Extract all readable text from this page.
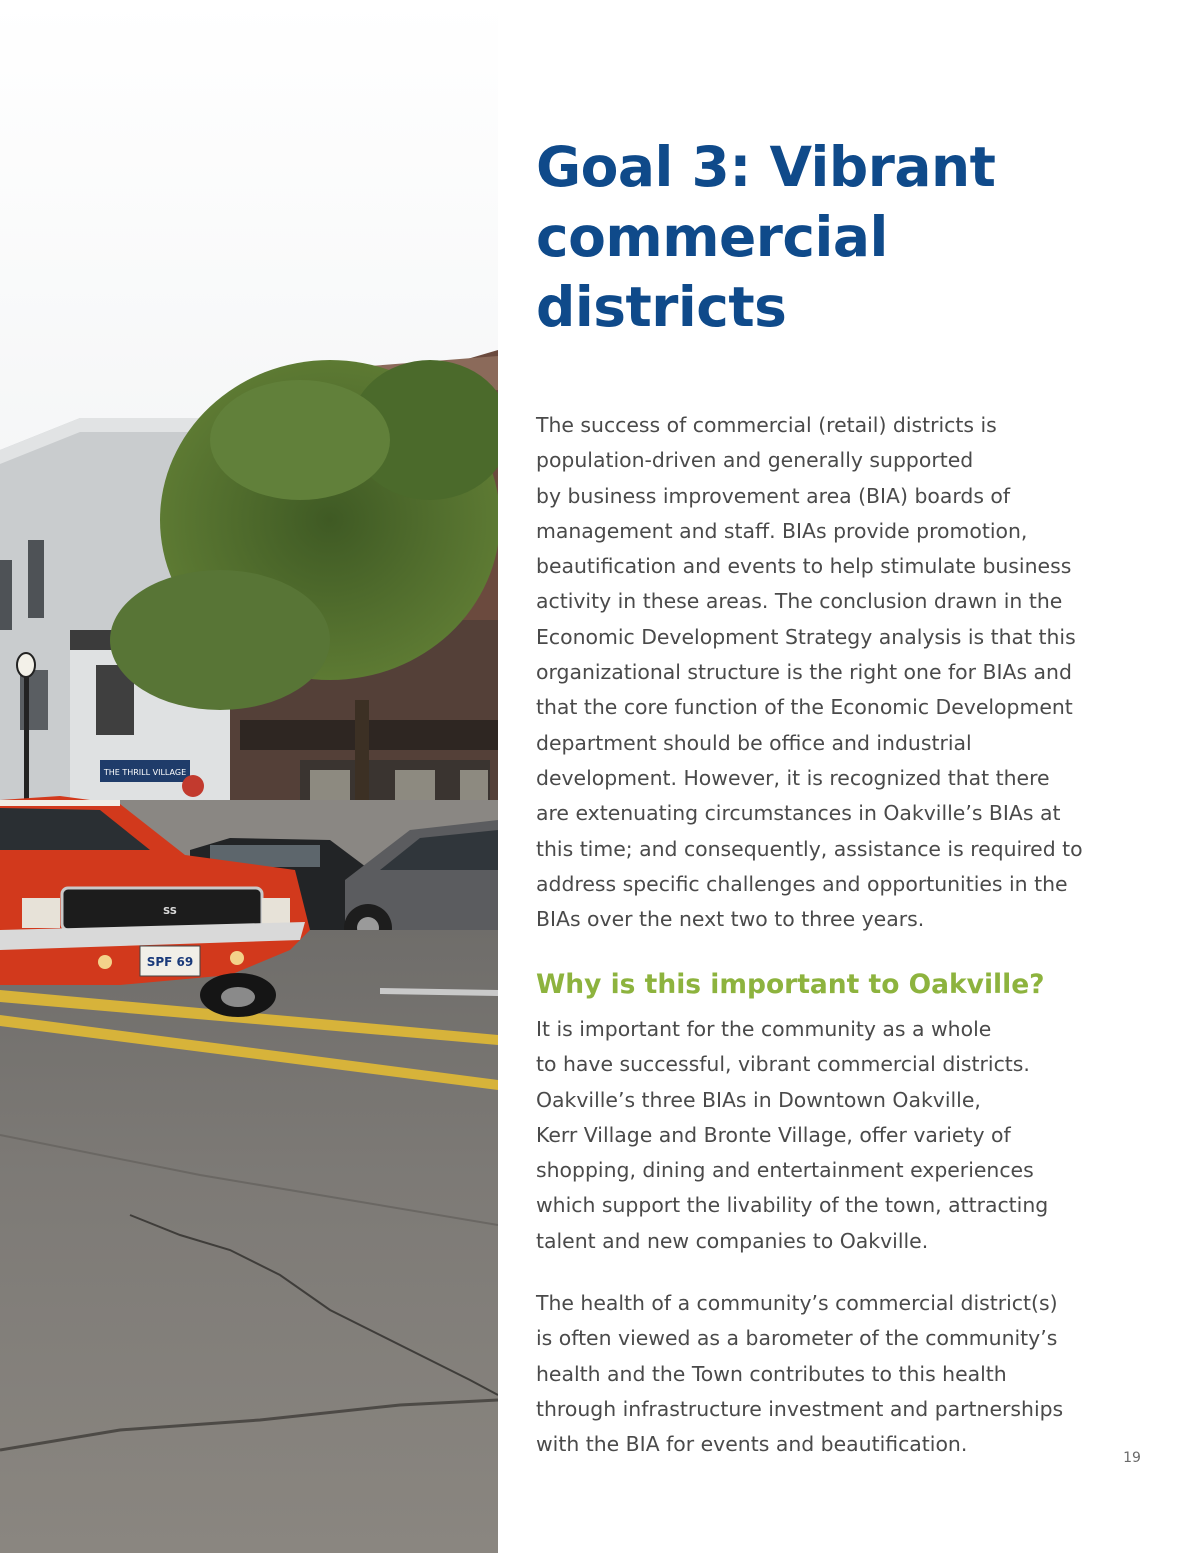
THE THRILL VILLAGE
SS
SPF 69
Goal 3: Vibrant
commercial
districts

The success of commercial (retail) districts is
population-driven and generally supported
by business improvement area (BIA) boards of
management and staff. BIAs provide promotion,
beautification and events to help stimulate business
activity in these areas. The conclusion drawn in the
Economic Development Strategy analysis is that this
organizational structure is the right one for BIAs and
that the core function of the Economic Development
department should be office and industrial
development. However, it is recognized that there
are extenuating circumstances in Oakville’s BIAs at
this time; and consequently, assistance is required to
address specific challenges and opportunities in the
BIAs over the next two to three years.

Why is this important to Oakville?

It is important for the community as a whole
to have successful, vibrant commercial districts.
Oakville’s three BIAs in Downtown Oakville,
Kerr Village and Bronte Village, offer variety of
shopping, dining and entertainment experiences
which support the livability of the town, attracting
talent and new companies to Oakville.

The health of a community’s commercial district(s)
is often viewed as a barometer of the community’s
health and the Town contributes to this health
through infrastructure investment and partnerships
with the BIA for events and beautification.

19
